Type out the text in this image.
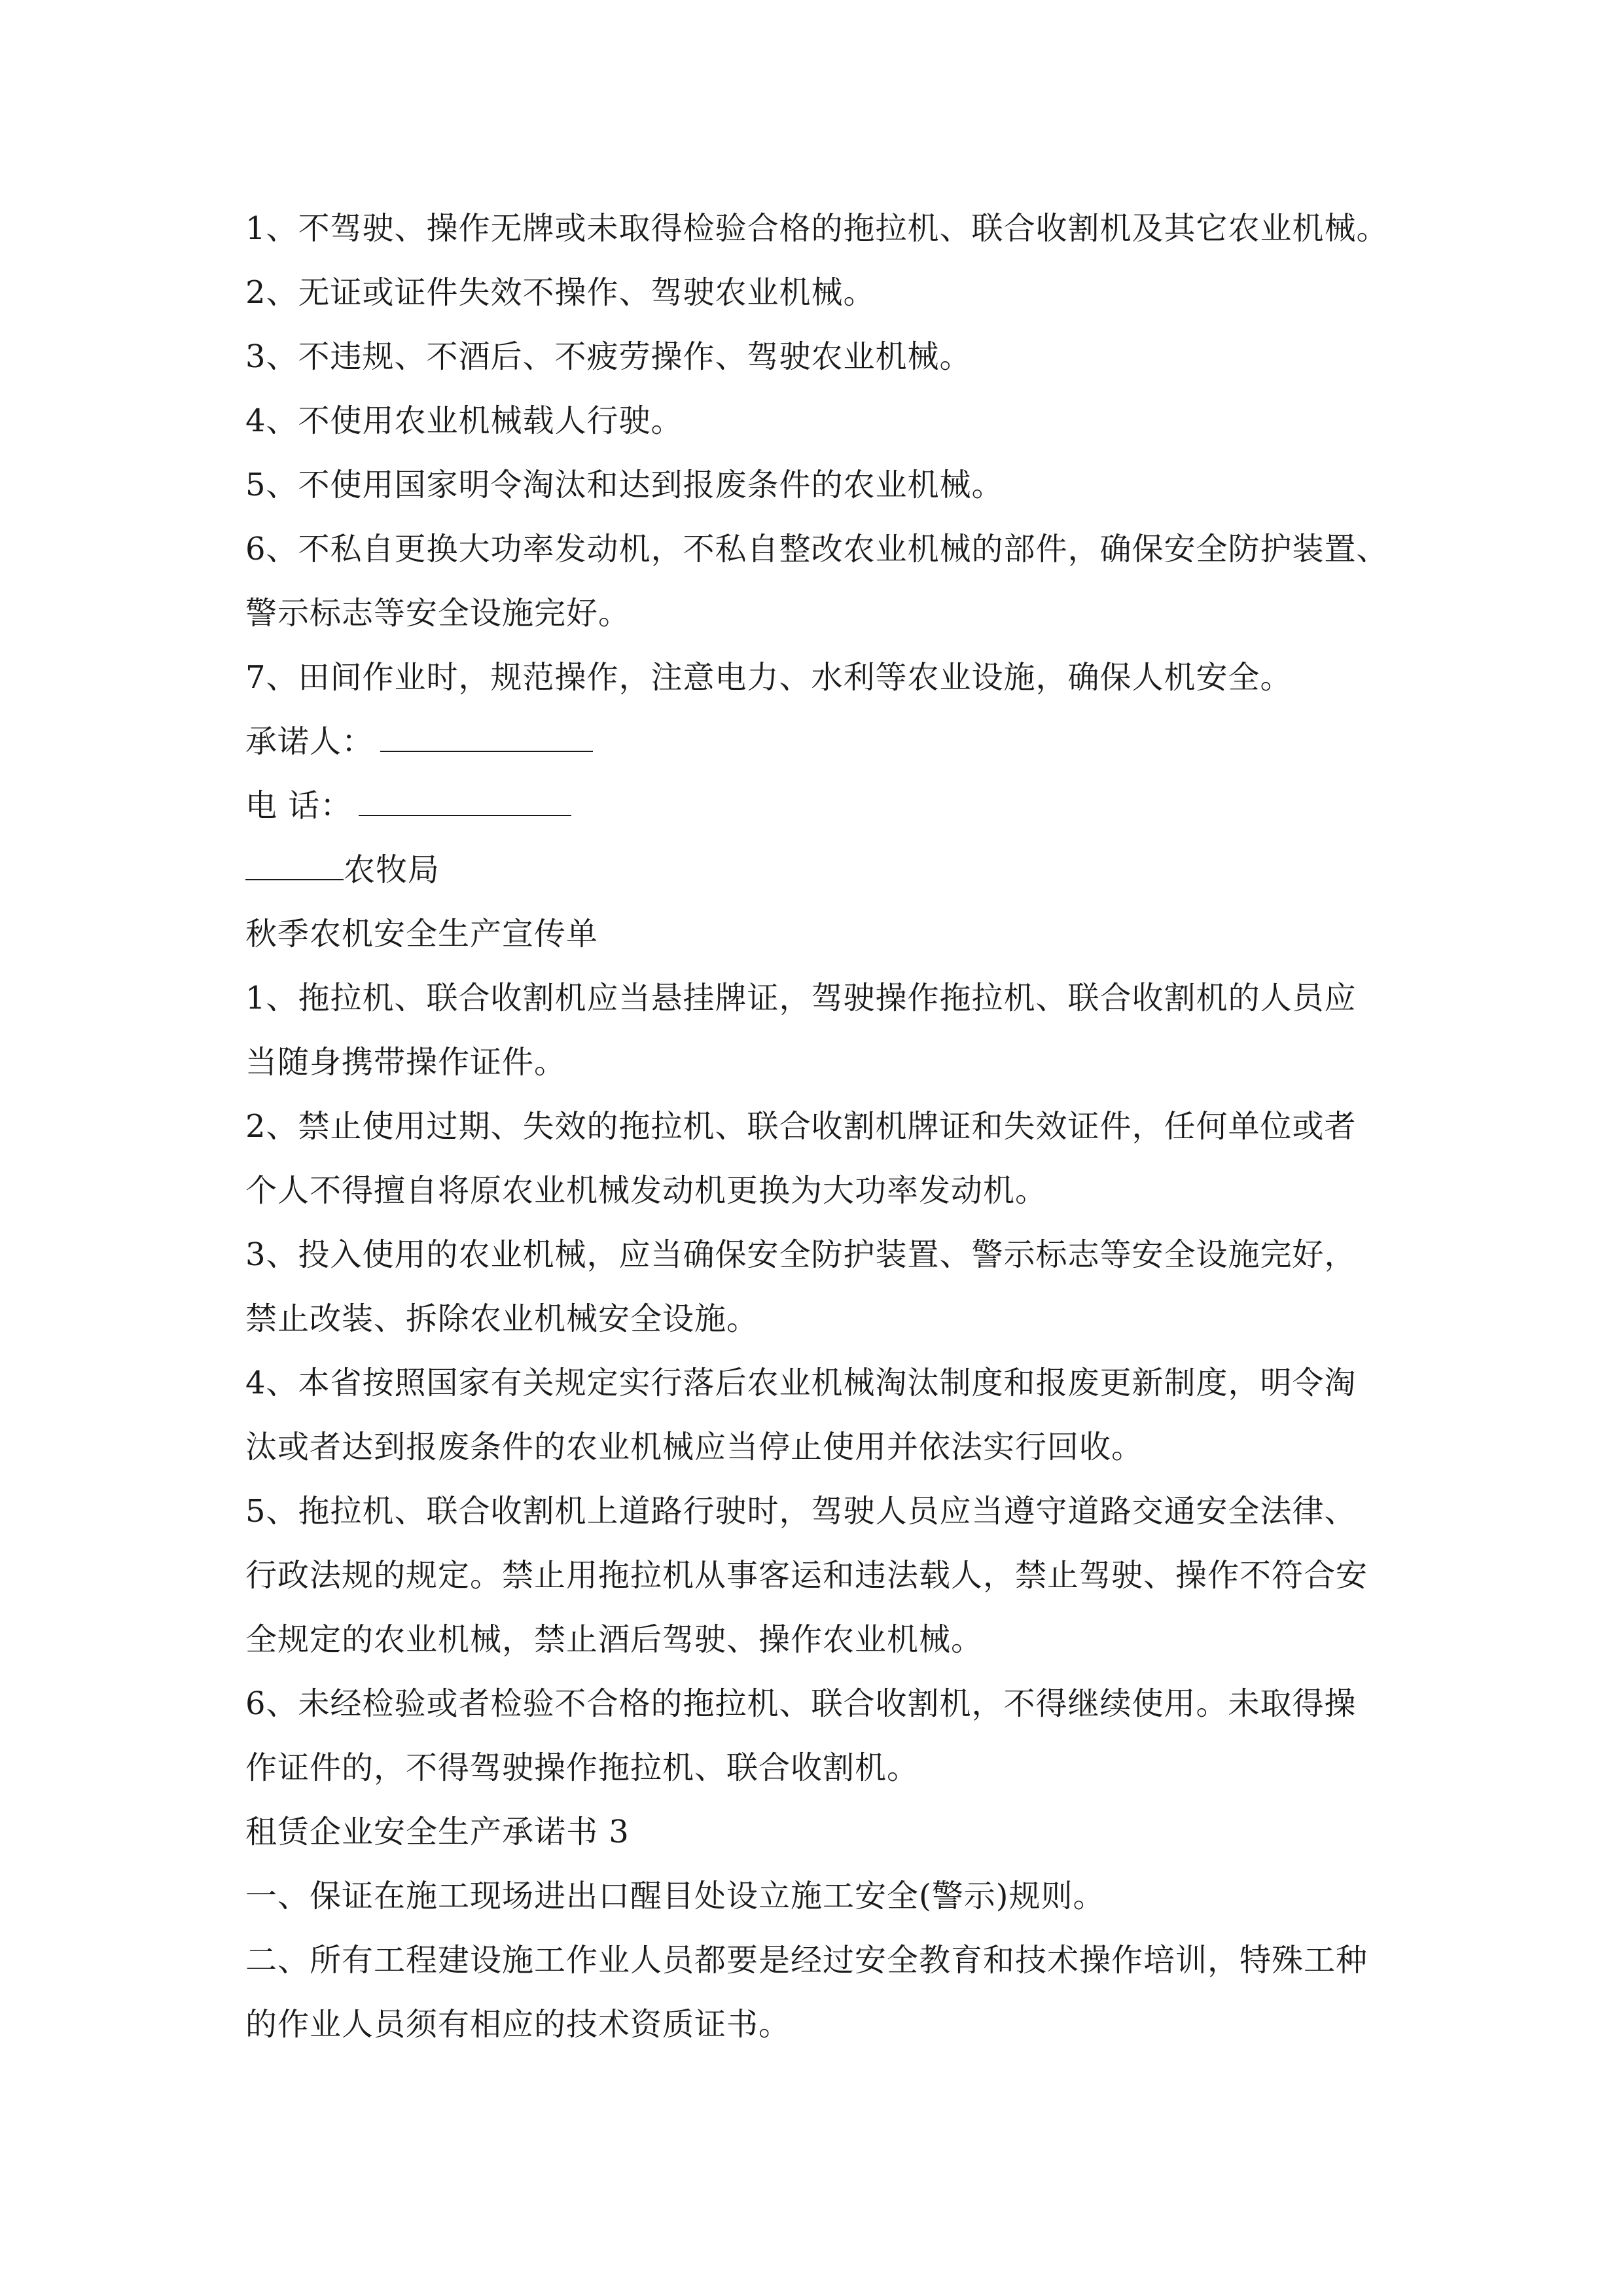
1、不驾驶、操作无牌或未取得检验合格的拖拉机、联合收割机及其它农业机械。
2、无证或证件失效不操作、驾驶农业机械。
3、不违规、不酒后、不疲劳操作、驾驶农业机械。
4、不使用农业机械载人行驶。
5、不使用国家明令淘汰和达到报废条件的农业机械。
6、不私自更换大功率发动机，不私自整改农业机械的部件，确保安全防护装置、
警示标志等安全设施完好。
7、田间作业时，规范操作，注意电力、水利等农业设施，确保人机安全。
承诺人：
电 话：
农牧局
秋季农机安全生产宣传单
1、拖拉机、联合收割机应当悬挂牌证，驾驶操作拖拉机、联合收割机的人员应
当随身携带操作证件。
2、禁止使用过期、失效的拖拉机、联合收割机牌证和失效证件，任何单位或者
个人不得擅自将原农业机械发动机更换为大功率发动机。
3、投入使用的农业机械，应当确保安全防护装置、警示标志等安全设施完好，
禁止改装、拆除农业机械安全设施。
4、本省按照国家有关规定实行落后农业机械淘汰制度和报废更新制度，明令淘
汰或者达到报废条件的农业机械应当停止使用并依法实行回收。
5、拖拉机、联合收割机上道路行驶时，驾驶人员应当遵守道路交通安全法律、
行政法规的规定。禁止用拖拉机从事客运和违法载人，禁止驾驶、操作不符合安
全规定的农业机械，禁止酒后驾驶、操作农业机械。
6、未经检验或者检验不合格的拖拉机、联合收割机，不得继续使用。未取得操
作证件的，不得驾驶操作拖拉机、联合收割机。
租赁企业安全生产承诺书 3
一、保证在施工现场进出口醒目处设立施工安全(警示)规则。
二、所有工程建设施工作业人员都要是经过安全教育和技术操作培训，特殊工种
的作业人员须有相应的技术资质证书。
